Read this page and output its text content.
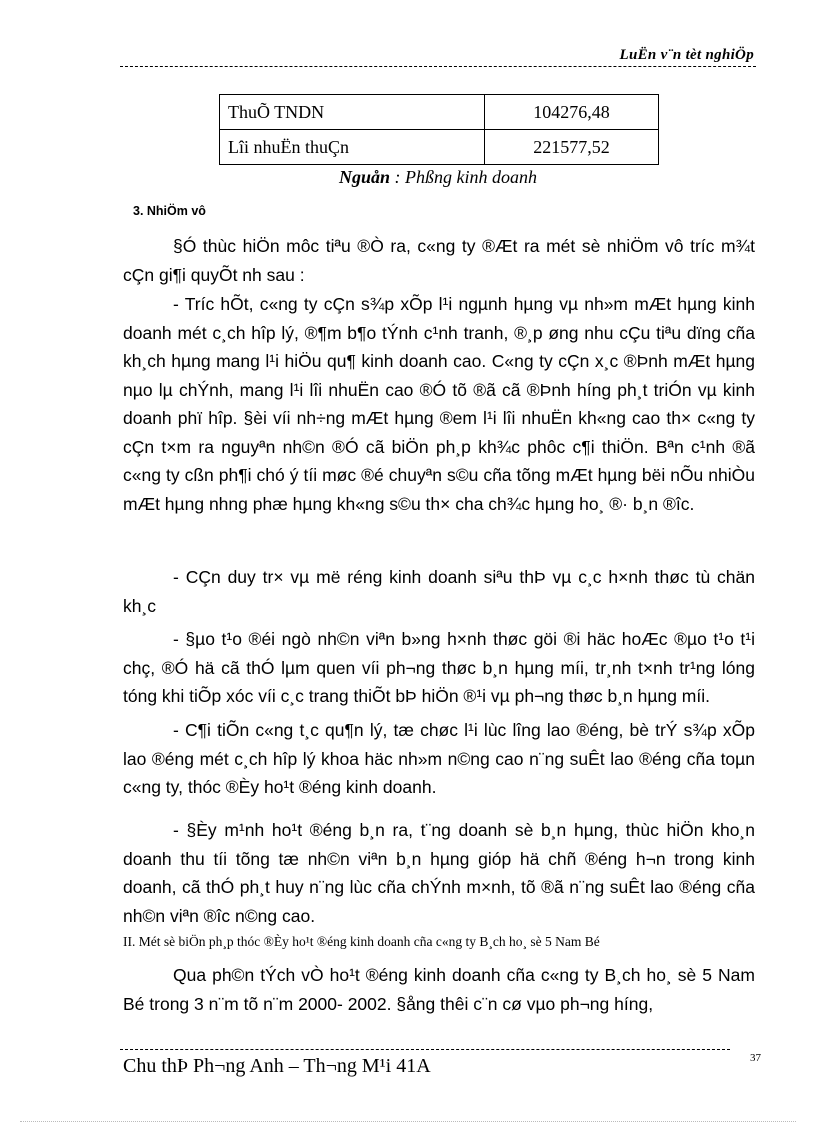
LuËn v¨n tèt nghiÖp
ThuÕ TNDN	104276,48
Lîi nhuËn thuÇn	221577,52
Nguån : Phßng kinh doanh
3. NhiÖm vô

§Ó thùc hiÖn môc tiªu ®Ò ra, c«ng ty ®Æt ra mét sè nhiÖm vô tríc m¾t cÇn gi¶i quyÕt nh sau :

- Tríc hÕt, c«ng ty cÇn s¾p xÕp l¹i ngµnh hµng vµ nh»m mÆt hµng kinh doanh mét c¸ch hîp lý, ®¶m b¶o tÝnh c¹nh tranh, ®¸p øng nhu cÇu tiªu dïng cña kh¸ch hµng mang l¹i hiÖu qu¶ kinh doanh cao. C«ng ty cÇn x¸c ®Þnh mÆt hµng nµo lµ chÝnh, mang l¹i lîi nhuËn cao ®Ó tõ ®ã cã ®Þnh híng ph¸t triÓn vµ kinh doanh phï hîp. §èi víi nh÷ng mÆt hµng ®em l¹i lîi nhuËn kh«ng cao th× c«ng ty cÇn t×m ra nguyªn nh©n ®Ó cã biÖn ph¸p kh¾c phôc c¶i thiÖn. Bªn c¹nh ®ã c«ng ty cßn ph¶i chó ý tíi møc ®é chuyªn s©u cña tõng mÆt hµng bëi nÕu nhiÒu mÆt hµng nhng phæ hµng kh«ng s©u th× cha ch¾c hµng ho¸ ®· b¸n ®îc.

- CÇn duy tr× vµ më réng kinh doanh siªu thÞ vµ c¸c h×nh thøc tù chän kh¸c

- §µo t¹o ®éi ngò nh©n viªn b»ng h×nh thøc göi ®i häc hoÆc ®µo t¹o t¹i chç, ®Ó hä cã thÓ lµm quen víi ph¬ng thøc b¸n hµng míi, tr¸nh t×nh tr¹ng lóng tóng khi tiÕp xóc víi c¸c trang thiÕt bÞ hiÖn ®¹i vµ ph¬ng thøc b¸n hµng míi.

- C¶i tiÕn c«ng t¸c qu¶n lý, tæ chøc l¹i lùc lîng lao ®éng, bè trÝ s¾p xÕp lao ®éng mét c¸ch hîp lý khoa häc nh»m n©ng cao n¨ng suÊt lao ®éng cña toµn c«ng ty, thóc ®Èy ho¹t ®éng kinh doanh.

- §Èy m¹nh ho¹t ®éng b¸n ra, t¨ng doanh sè b¸n hµng, thùc hiÖn kho¸n doanh thu tíi tõng tæ nh©n viªn b¸n hµng gióp hä chñ ®éng h¬n trong kinh doanh, cã thÓ ph¸t huy n¨ng lùc cña chÝnh m×nh, tõ ®ã n¨ng suÊt lao ®éng cña nh©n viªn ®îc n©ng cao.

II. Mét sè biÖn ph¸p thóc ®Èy ho¹t ®éng kinh doanh cña c«ng ty B¸ch ho¸ sè 5 Nam Bé

Qua ph©n tÝch vÒ ho¹t ®éng kinh doanh cña c«ng ty B¸ch ho¸ sè 5 Nam Bé trong 3 n¨m tõ n¨m 2000- 2002. §ång thêi c¨n cø vµo ph¬ng híng,

Chu thÞ Ph¬ng Anh – Th¬ng M¹i 41A	37
